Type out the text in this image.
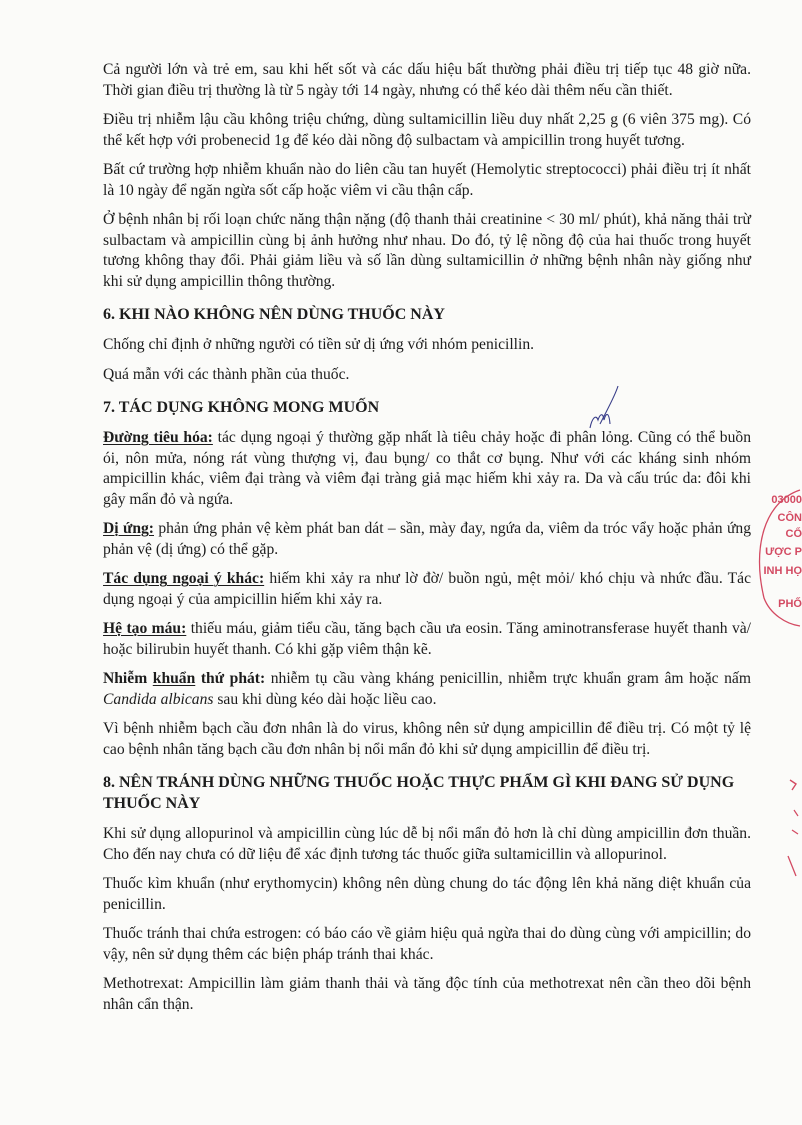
Cả người lớn và trẻ em, sau khi hết sốt và các dấu hiệu bất thường phải điều trị tiếp tục 48 giờ nữa. Thời gian điều trị thường là từ 5 ngày tới 14 ngày, nhưng có thể kéo dài thêm nếu cần thiết.

Điều trị nhiễm lậu cầu không triệu chứng, dùng sultamicillin liều duy nhất 2,25 g (6 viên 375 mg). Có thể kết hợp với probenecid 1g để kéo dài nồng độ sulbactam và ampicillin trong huyết tương.

Bất cứ trường hợp nhiễm khuẩn nào do liên cầu tan huyết (Hemolytic streptococci) phải điều trị ít nhất là 10 ngày để ngăn ngừa sốt cấp hoặc viêm vi cầu thận cấp.

Ở bệnh nhân bị rối loạn chức năng thận nặng (độ thanh thải creatinine < 30 ml/ phút), khả năng thải trừ sulbactam và ampicillin cùng bị ảnh hưởng như nhau. Do đó, tỷ lệ nồng độ của hai thuốc trong huyết tương không thay đổi. Phải giảm liều và số lần dùng sultamicillin ở những bệnh nhân này giống như khi sử dụng ampicillin thông thường.

6. KHI NÀO KHÔNG NÊN DÙNG THUỐC NÀY

Chống chỉ định ở những người có tiền sử dị ứng với nhóm penicillin.

Quá mẫn với các thành phần của thuốc.

7. TÁC DỤNG KHÔNG MONG MUỐN

Đường tiêu hóa: tác dụng ngoại ý thường gặp nhất là tiêu chảy hoặc đi phân lỏng. Cũng có thể buồn ói, nôn mửa, nóng rát vùng thượng vị, đau bụng/ co thắt cơ bụng. Như với các kháng sinh nhóm ampicillin khác, viêm đại tràng và viêm đại tràng giả mạc hiếm khi xảy ra. Da và cấu trúc da: đôi khi gây mẩn đỏ và ngứa.

Dị ứng: phản ứng phản vệ kèm phát ban dát – sần, mày đay, ngứa da, viêm da tróc vẩy hoặc phản ứng phản vệ (dị ứng) có thể gặp.

Tác dụng ngoại ý khác: hiếm khi xảy ra như lờ đờ/ buồn ngủ, mệt mỏi/ khó chịu và nhức đầu. Tác dụng ngoại ý của ampicillin hiếm khi xảy ra.

Hệ tạo máu: thiếu máu, giảm tiểu cầu, tăng bạch cầu ưa eosin. Tăng aminotransferase huyết thanh và/ hoặc bilirubin huyết thanh. Có khi gặp viêm thận kẽ.

Nhiễm khuẩn thứ phát: nhiễm tụ cầu vàng kháng penicillin, nhiễm trực khuẩn gram âm hoặc nấm Candida albicans sau khi dùng kéo dài hoặc liều cao.

Vì bệnh nhiễm bạch cầu đơn nhân là do virus, không nên sử dụng ampicillin để điều trị. Có một tỷ lệ cao bệnh nhân tăng bạch cầu đơn nhân bị nổi mẩn đỏ khi sử dụng ampicillin để điều trị.

8. NÊN TRÁNH DÙNG NHỮNG THUỐC HOẶC THỰC PHẨM GÌ KHI ĐANG SỬ DỤNG THUỐC NÀY

Khi sử dụng allopurinol và ampicillin cùng lúc dễ bị nổi mẩn đỏ hơn là chỉ dùng ampicillin đơn thuần. Cho đến nay chưa có dữ liệu để xác định tương tác thuốc giữa sultamicillin và allopurinol.

Thuốc kìm khuẩn (như erythomycin) không nên dùng chung do tác động lên khả năng diệt khuẩn của penicillin.

Thuốc tránh thai chứa estrogen: có báo cáo về giảm hiệu quả ngừa thai do dùng cùng với ampicillin; do vậy, nên sử dụng thêm các biện pháp tránh thai khác.

Methotrexat: Ampicillin làm giảm thanh thải và tăng độc tính của methotrexat nên cần theo dõi bệnh nhân cẩn thận.

03000
CÔN
CỔ
ƯỢC P
INH HỌ
PHỐ
